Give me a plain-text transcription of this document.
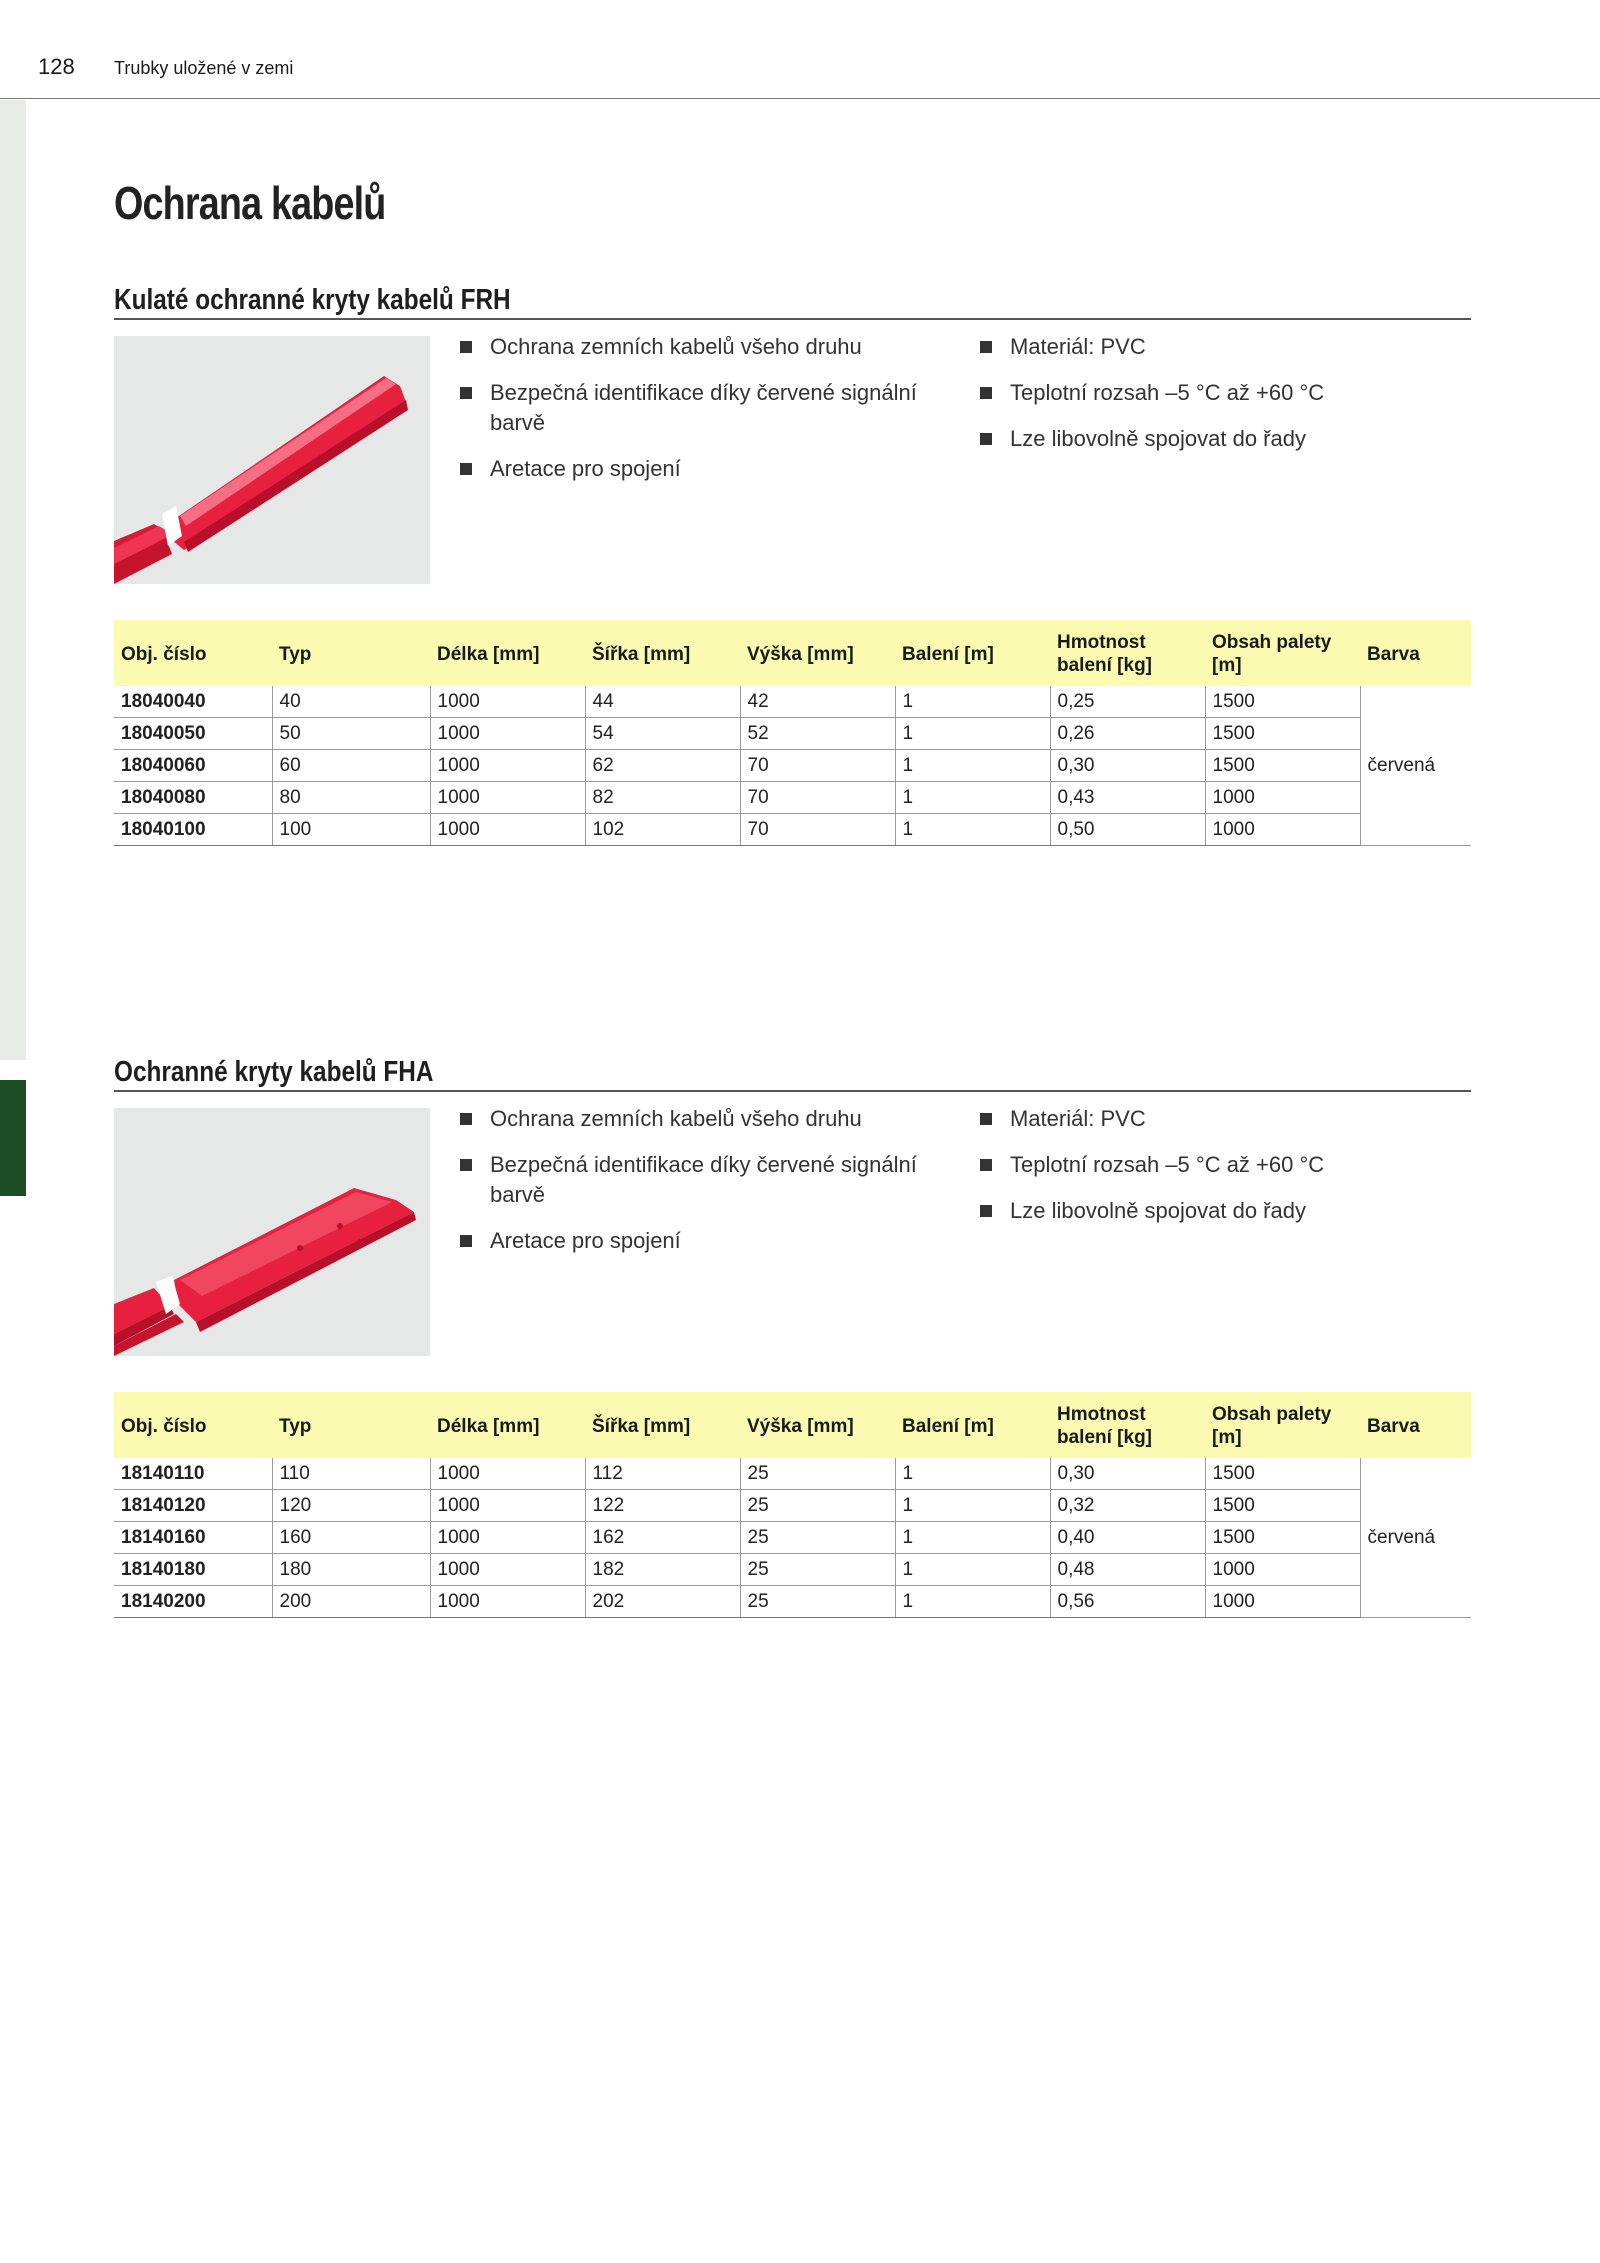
128 Trubky uložené v zemi
Ochrana kabelů
Kulaté ochranné kryty kabelů FRH
Ochrana zemních kabelů všeho druhu
Bezpečná identifikace díky červené signální barvě
Aretace pro spojení
Materiál: PVC
Teplotní rozsah –5 °C až +60 °C
Lze libovolně spojovat do řady
Obj. číslo	Typ	Délka [mm]	Šířka [mm]	Výška [mm]	Balení [m]	Hmotnost balení [kg]	Obsah palety [m]	Barva
18040040	40	1000	44	42	1	0,25	1500	červená
18040050	50	1000	54	52	1	0,26	1500	
18040060	60	1000	62	70	1	0,30	1500	
18040080	80	1000	82	70	1	0,43	1000	
18040100	100	1000	102	70	1	0,50	1000	
Ochranné kryty kabelů FHA
Ochrana zemních kabelů všeho druhu
Bezpečná identifikace díky červené signální barvě
Aretace pro spojení
Materiál: PVC
Teplotní rozsah –5 °C až +60 °C
Lze libovolně spojovat do řady
Obj. číslo	Typ	Délka [mm]	Šířka [mm]	Výška [mm]	Balení [m]	Hmotnost balení [kg]	Obsah palety [m]	Barva
18140110	110	1000	112	25	1	0,30	1500	červená
18140120	120	1000	122	25	1	0,32	1500	
18140160	160	1000	162	25	1	0,40	1500	
18140180	180	1000	182	25	1	0,48	1000	
18140200	200	1000	202	25	1	0,56	1000	
